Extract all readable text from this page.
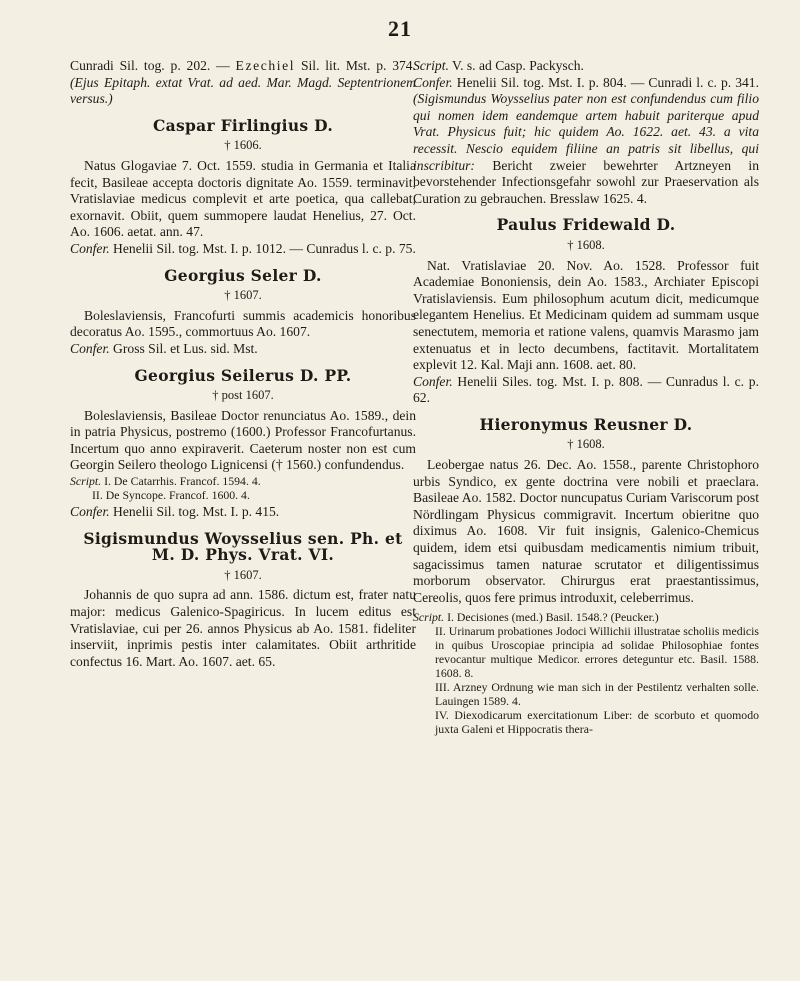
21

Cunradi Sil. tog. p. 202. — Ezechiel Sil. lit. Mst. p. 374. (Ejus Epitaph. extat Vrat. ad aed. Mar. Magd. Septentrionem versus.)

Caspar Firlingius D.
† 1606.

Natus Glogaviae 7. Oct. 1559. studia in Germania et Italia fecit, Basileae accepta doctoris dignitate Ao. 1559. terminavit, Vratislaviae medicus complevit et arte poetica, qua callebat, exornavit. Obiit, quem summopere laudat Henelius, 27. Oct. Ao. 1606. aetat. ann. 47.

Confer. Henelii Sil. tog. Mst. I. p. 1012. — Cunradus l. c. p. 75.

Georgius Seler D.
† 1607.

Boleslaviensis, Francofurti summis academicis honoribus decoratus Ao. 1595., commortuus Ao. 1607.

Confer. Gross Sil. et Lus. sid. Mst.

Georgius Seilerus D. PP.
† post 1607.

Boleslaviensis, Basileae Doctor renunciatus Ao. 1589., dein in patria Physicus, postremo (1600.) Professor Francofurtanus. Incertum quo anno expiraverit. Caeterum noster non est cum Georgin Seilero theologo Lignicensi († 1560.) confundendus.

Script. I. De Catarrhis. Francof. 1594. 4.
II. De Syncope. Francof. 1600. 4.

Confer. Henelii Sil. tog. Mst. I. p. 415.

Sigismundus Woysselius sen. Ph. et M. D. Phys. Vrat. VI.
† 1607.

Johannis de quo supra ad ann. 1586. dictum est, frater natu major: medicus Galenico-Spagiricus. In lucem editus est Vratislaviae, cui per 26. annos Physicus ab Ao. 1581. fideliter inserviit, inprimis pestis inter calamitates. Obiit arthritide confectus 16. Mart. Ao. 1607. aet. 65.

Script. V. s. ad Casp. Packysch.

Confer. Henelii Sil. tog. Mst. I. p. 804. — Cunradi l. c. p. 341. (Sigismundus Woysselius pater non est confundendus cum filio qui nomen idem eandemque artem habuit pariterque apud Vrat. Physicus fuit; hic quidem Ao. 1622. aet. 43. a vita recessit. Nescio equidem filiine an patris sit libellus, qui inscribitur: Bericht zweier bewehrter Artzneyen in bevorstehender Infectionsgefahr sowohl zur Praeservation als Curation zu gebrauchen. Bresslaw 1625. 4.

Paulus Fridewald D.
† 1608.

Nat. Vratislaviae 20. Nov. Ao. 1528. Professor fuit Academiae Bononiensis, dein Ao. 1583., Archiater Episcopi Vratislaviensis. Eum philosophum acutum dicit, medicumque elegantem Henelius. Et Medicinam quidem ad summam usque senectutem, memoria et ratione valens, quamvis Marasmo jam extenuatus et in lecto decumbens, factitavit. Mortalitatem explevit 12. Kal. Maji ann. 1608. aet. 80.

Confer. Henelii Siles. tog. Mst. I. p. 808. — Cunradus l. c. p. 62.

Hieronymus Reusner D.
† 1608.

Leobergae natus 26. Dec. Ao. 1558., parente Christophoro urbis Syndico, ex gente doctrina vere nobili et praeclara. Basileae Ao. 1582. Doctor nuncupatus Curiam Variscorum post Nördlingam Physicus commigravit. Incertum obieritne quo diximus Ao. 1608. Vir fuit insignis, Galenico-Chemicus quidem, idem etsi quibusdam medicamentis nimium tribuit, sagacissimus tamen naturae scrutator et diligentissimus morborum observator. Chirurgus erat praestantissimus, Cereolis, quos fere primus introduxit, celeberrimus.

Script. I. Decisiones (med.) Basil. 1548.? (Peucker.)
II. Urinarum probationes Jodoci Willichii illustratae scholiis medicis in quibus Uroscopiae principia ad solidae Philosophiae fontes revocantur multique Medicor. errores deteguntur etc. Basil. 1588. 1608. 8.
III. Arzney Ordnung wie man sich in der Pestilentz verhalten solle. Lauingen 1589. 4.
IV. Diexodicarum exercitationum Liber: de scorbuto et quomodo juxta Galeni et Hippocratis thera-
